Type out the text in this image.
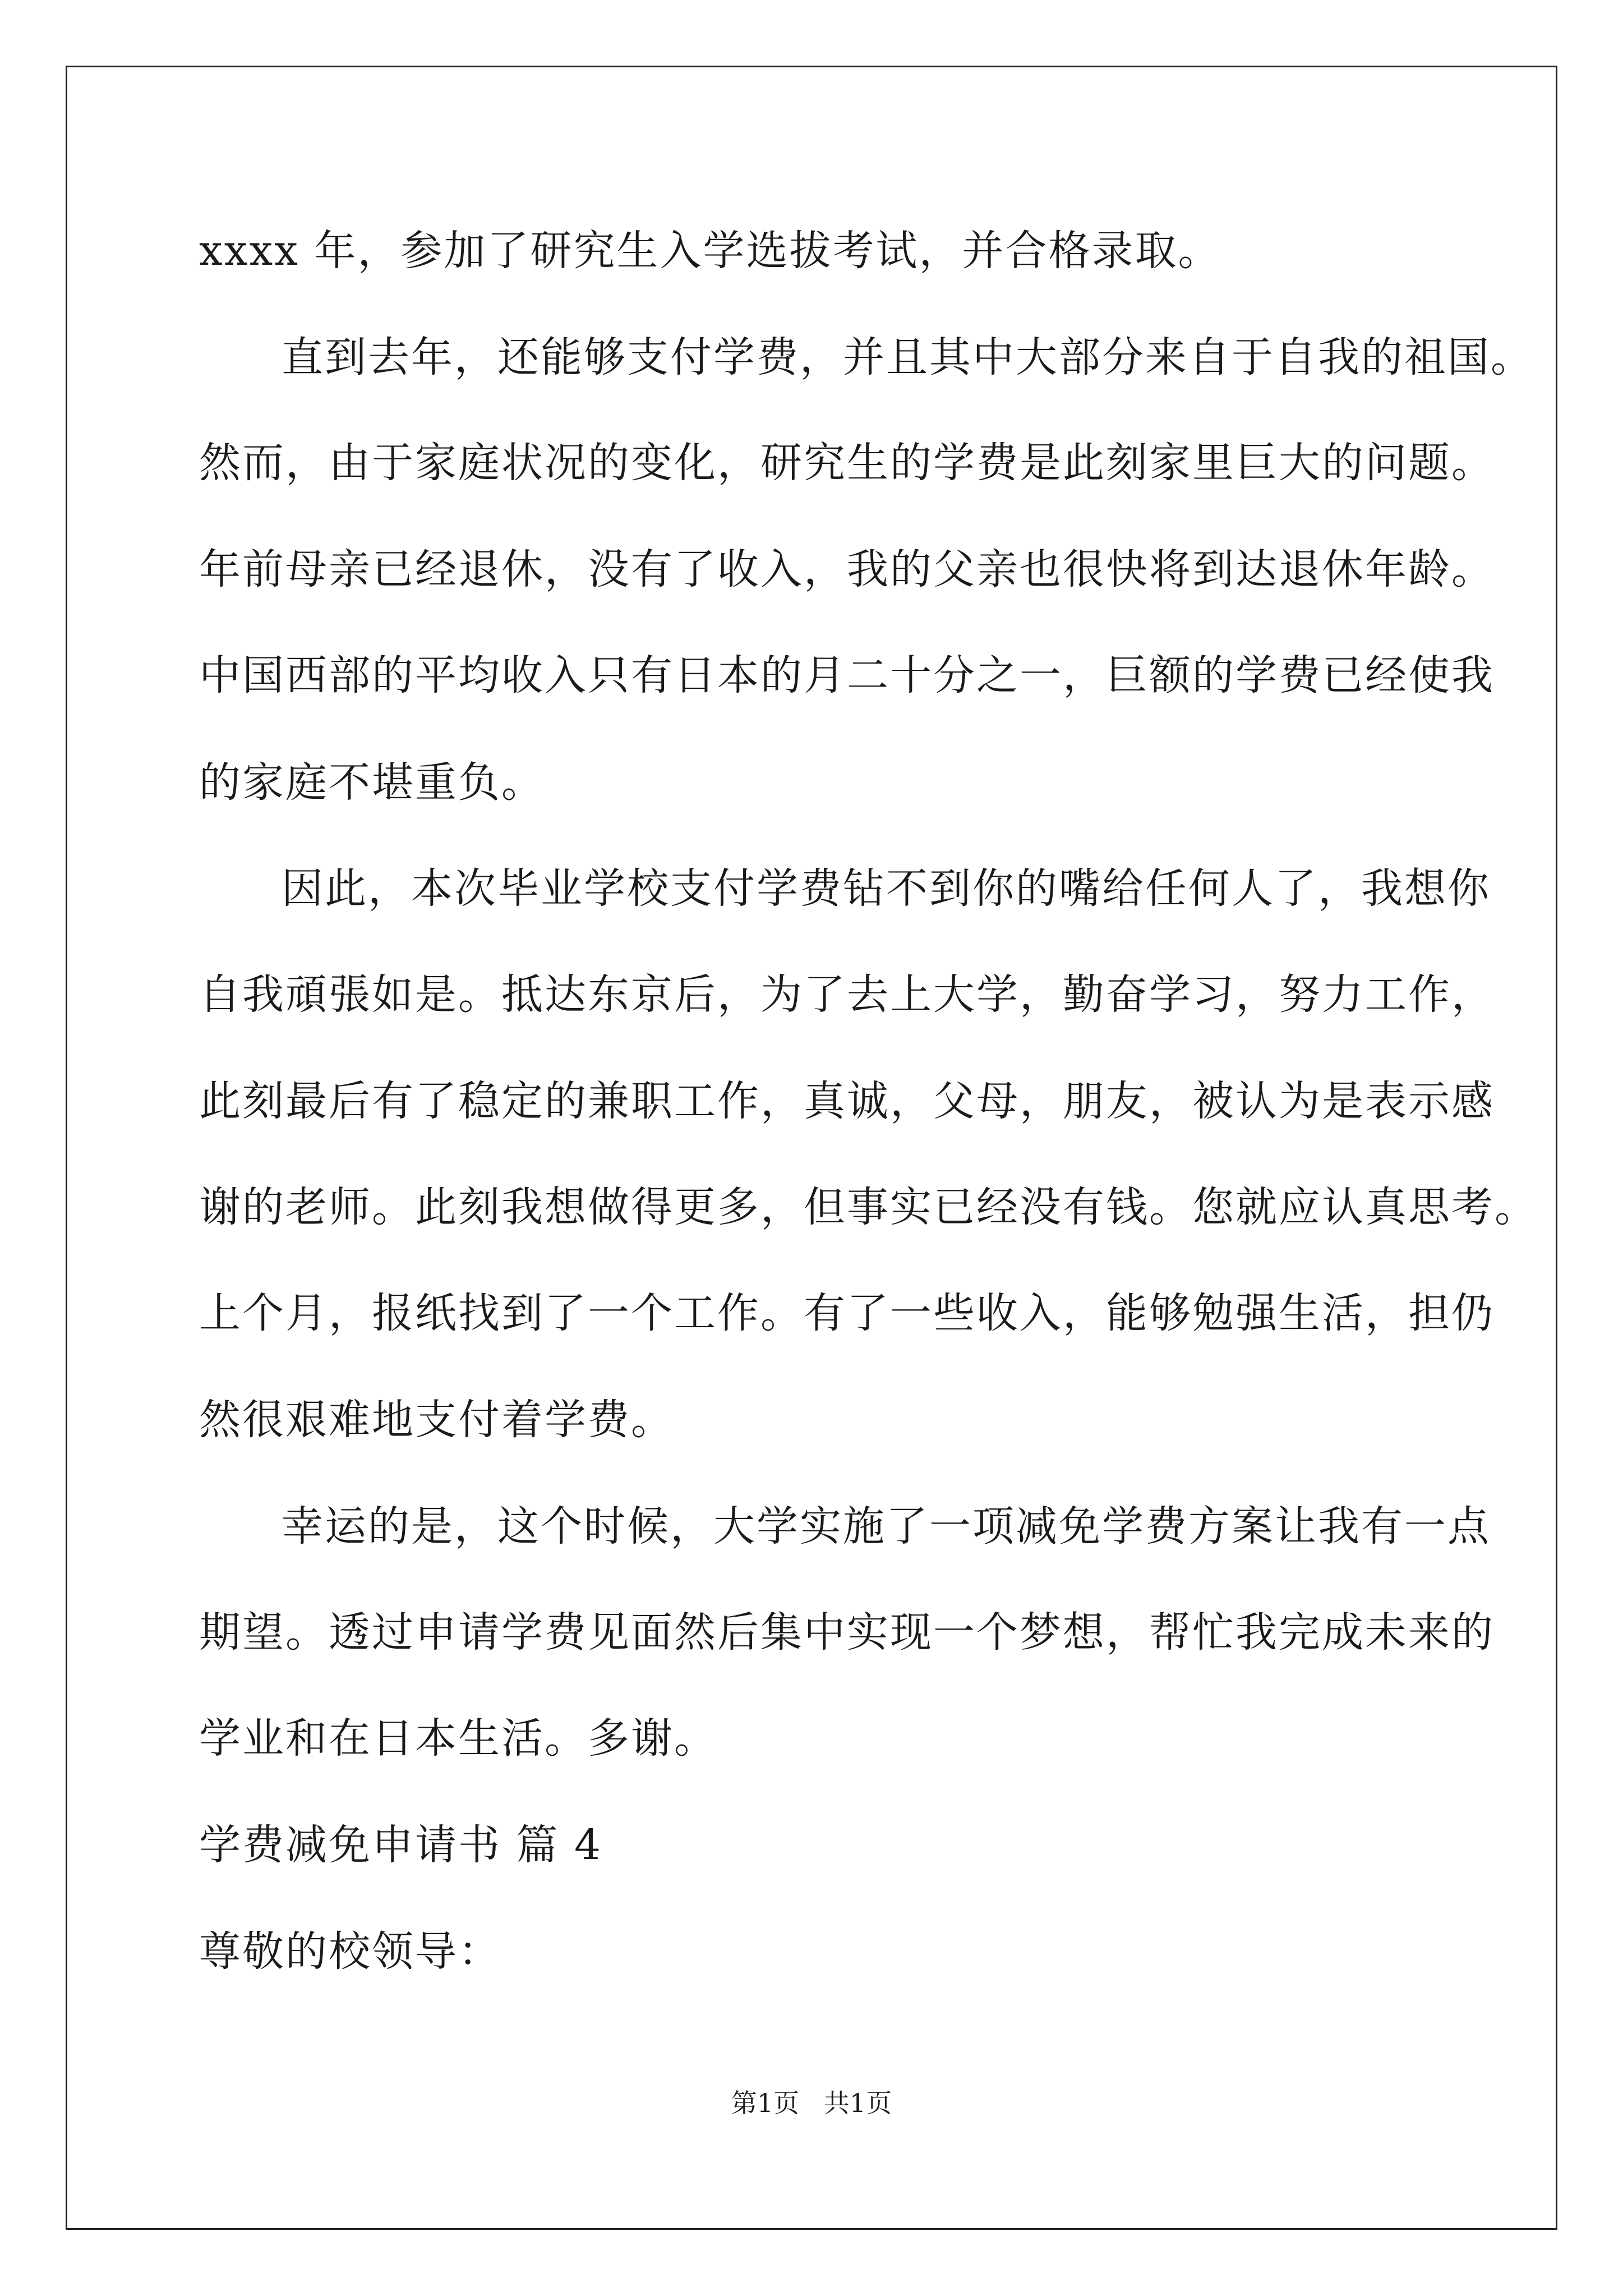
xxxx 年，参加了研究生入学选拔考试，并合格录取。
直到去年，还能够支付学费，并且其中大部分来自于自我的祖国。
然而，由于家庭状况的变化，研究生的学费是此刻家里巨大的问题。
年前母亲已经退休，没有了收入，我的父亲也很快将到达退休年龄。
中国西部的平均收入只有日本的月二十分之一，巨额的学费已经使我
的家庭不堪重负。
因此，本次毕业学校支付学费钻不到你的嘴给任何人了，我想你
自我頑張如是。抵达东京后，为了去上大学，勤奋学习，努力工作，
此刻最后有了稳定的兼职工作，真诚，父母，朋友，被认为是表示感
谢的老师。此刻我想做得更多，但事实已经没有钱。您就应认真思考。
上个月，报纸找到了一个工作。有了一些收入，能够勉强生活，担仍
然很艰难地支付着学费。
幸运的是，这个时候，大学实施了一项减免学费方案让我有一点
期望。透过申请学费见面然后集中实现一个梦想，帮忙我完成未来的
学业和在日本生活。多谢。
学费减免申请书 篇 4
尊敬的校领导：
第1页   共1页
